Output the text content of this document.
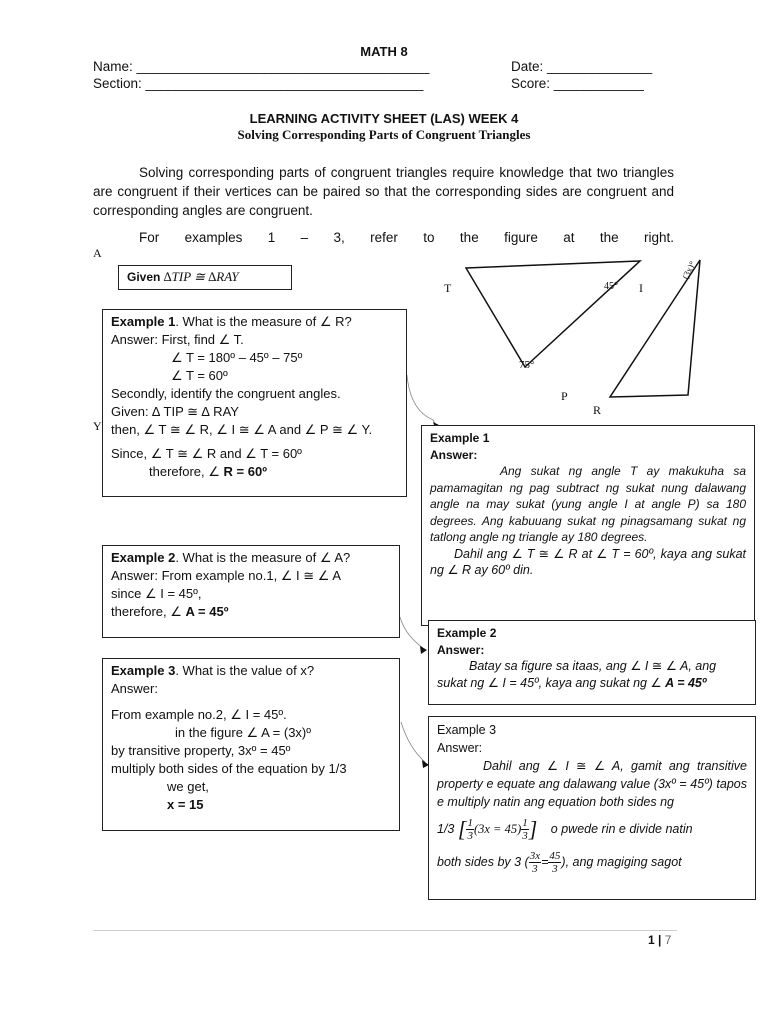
MATH 8
Name: _______________________________________	Date: ______________
Section: _____________________________________	Score: ____________
LEARNING ACTIVITY SHEET (LAS) WEEK 4
Solving Corresponding Parts of Congruent Triangles
Solving corresponding parts of congruent triangles require knowledge that two triangles are congruent if their vertices can be paired so that the corresponding sides are congruent and corresponding angles are congruent.
For examples 1 – 3, refer to the figure at the right.
Given ∆TIP ≅ ∆RAY
T	I
P
R
A
Y
45°
75°
(3x)°
Example 1. What is the measure of ∠ R?
Answer: First, find ∠ T.
∠ T = 180º – 45º – 75º
∠ T = 60º
Secondly, identify the congruent angles.
Given: ∆ TIP ≅ ∆ RAY
then, ∠ T ≅ ∠ R, ∠ I ≅ ∠ A and ∠ P ≅ ∠ Y.
Since, ∠ T ≅ ∠ R and ∠ T = 60º
therefore, ∠ R = 60º
Example 2. What is the measure of ∠ A?
Answer: From example no.1, ∠ I ≅ ∠ A
since ∠ I = 45º,
therefore, ∠ A = 45º
Example 3. What is the value of x?
Answer:
From example no.2, ∠ I = 45º.
in the figure ∠ A = (3x)º
by transitive property, 3xº = 45º
multiply both sides of the equation by 1/3
we get,
x = 15
Example 1
Answer:
Ang sukat ng angle T ay makukuha sa pamamagitan ng pag subtract ng sukat nung dalawang angle na may sukat (yung angle I at angle P) sa 180 degrees. Ang kabuuang sukat ng pinagsamang sukat ng tatlong angle ng triangle ay 180 degrees.
Dahil ang ∠ T ≅ ∠ R at ∠ T = 60º, kaya ang sukat ng ∠ R ay 60º din.
Example 2
Answer:
Batay sa figure sa itaas, ang ∠ I ≅ ∠ A, ang
sukat ng ∠ I = 45º, kaya ang sukat ng ∠ A = 45º
Example 3
Answer:
Dahil ang ∠ I ≅ ∠ A, gamit ang transitive property e equate ang dalawang value (3xº = 45º) tapos e multiply natin ang equation both sides ng
1/3 [ $\frac{1}{3} (3x = 45) \frac{1}{3}$ ] o pwede rin e divide natin
both sides by 3 ( $\frac{3x}{3} = \frac{45}{3}$ ), ang magiging sagot
1 | 7
